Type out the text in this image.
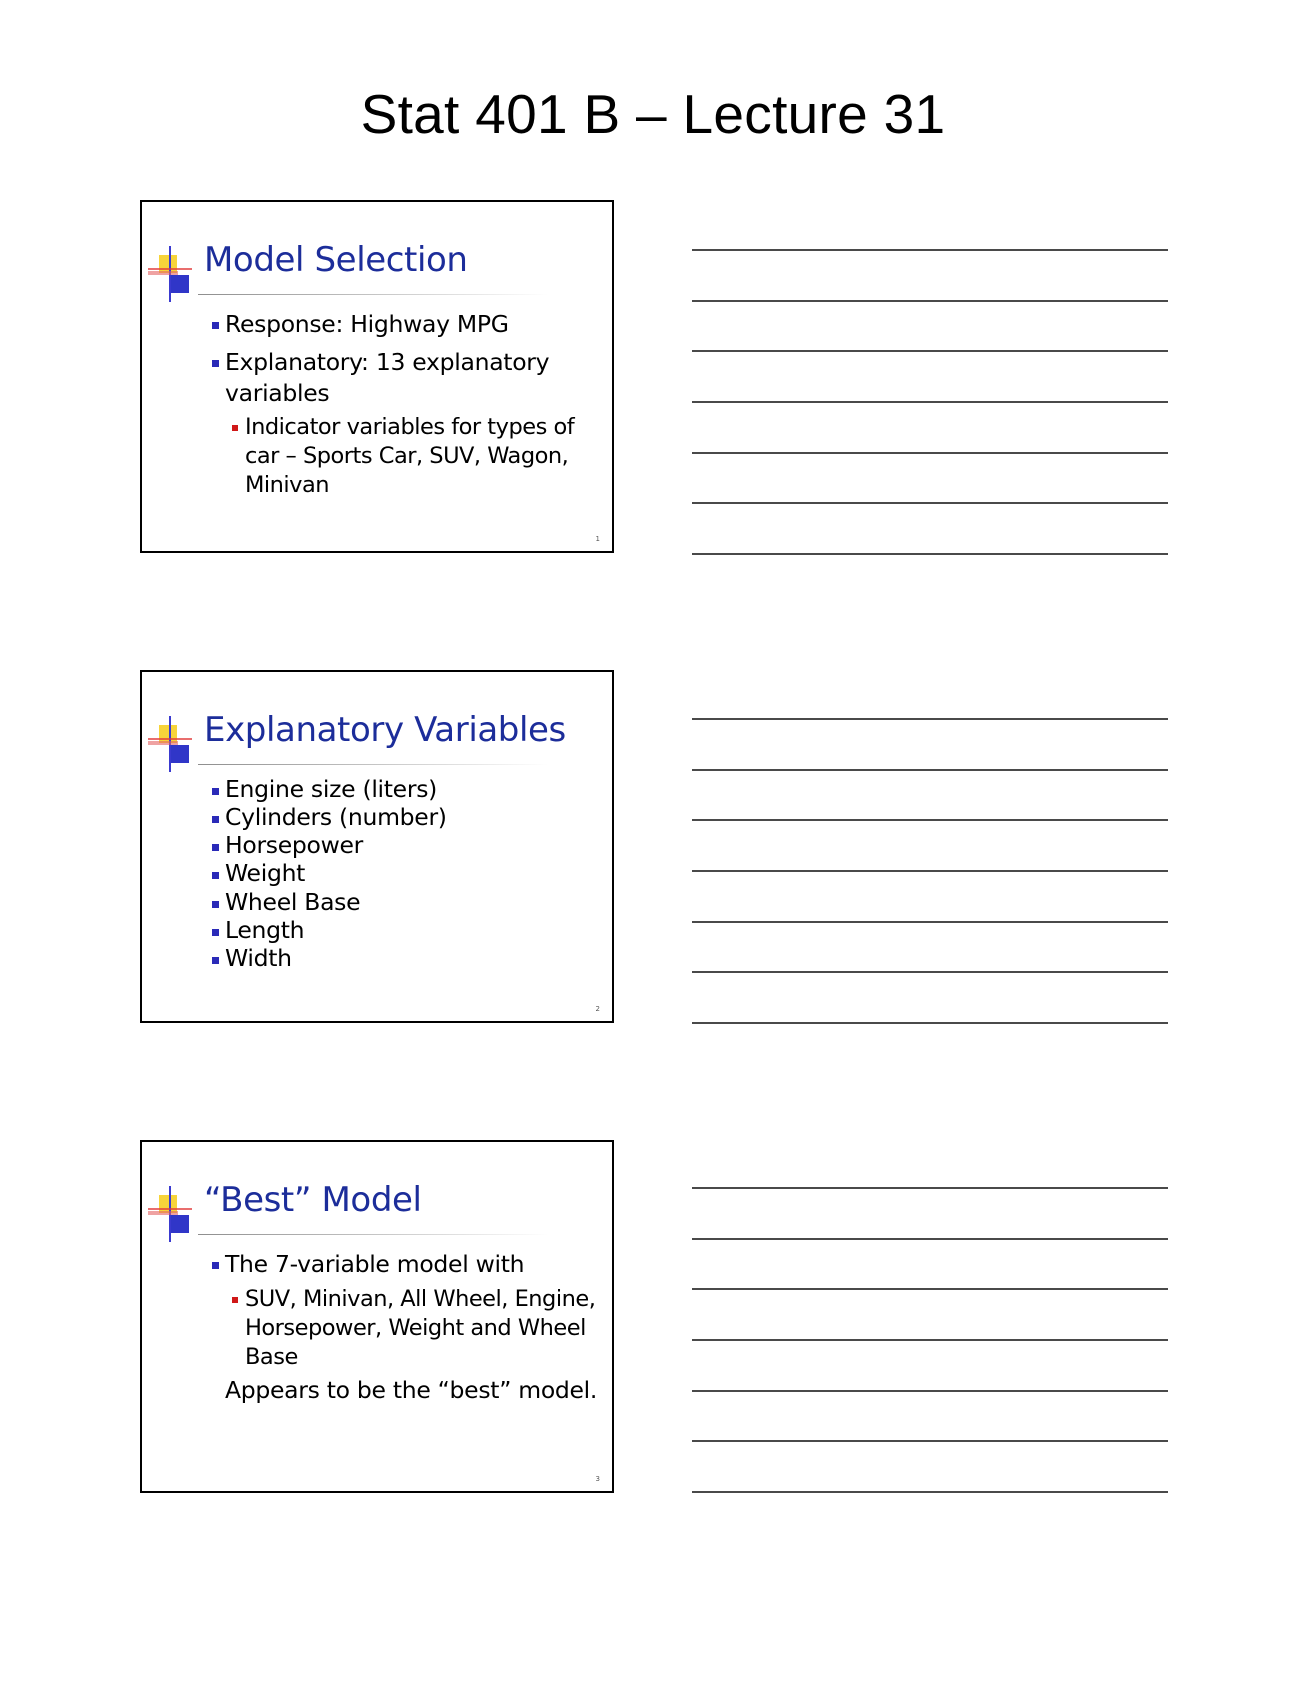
Stat 401 B – Lecture 31
Model Selection
Response: Highway MPG
Explanatory: 13 explanatory variables
Indicator variables for types of car – Sports Car, SUV, Wagon, Minivan
1
Explanatory Variables
Engine size (liters)
Cylinders (number)
Horsepower
Weight
Wheel Base
Length
Width
2
“Best” Model
The 7-variable model with
SUV, Minivan, All Wheel, Engine, Horsepower, Weight and Wheel Base
Appears to be the “best” model.
3
